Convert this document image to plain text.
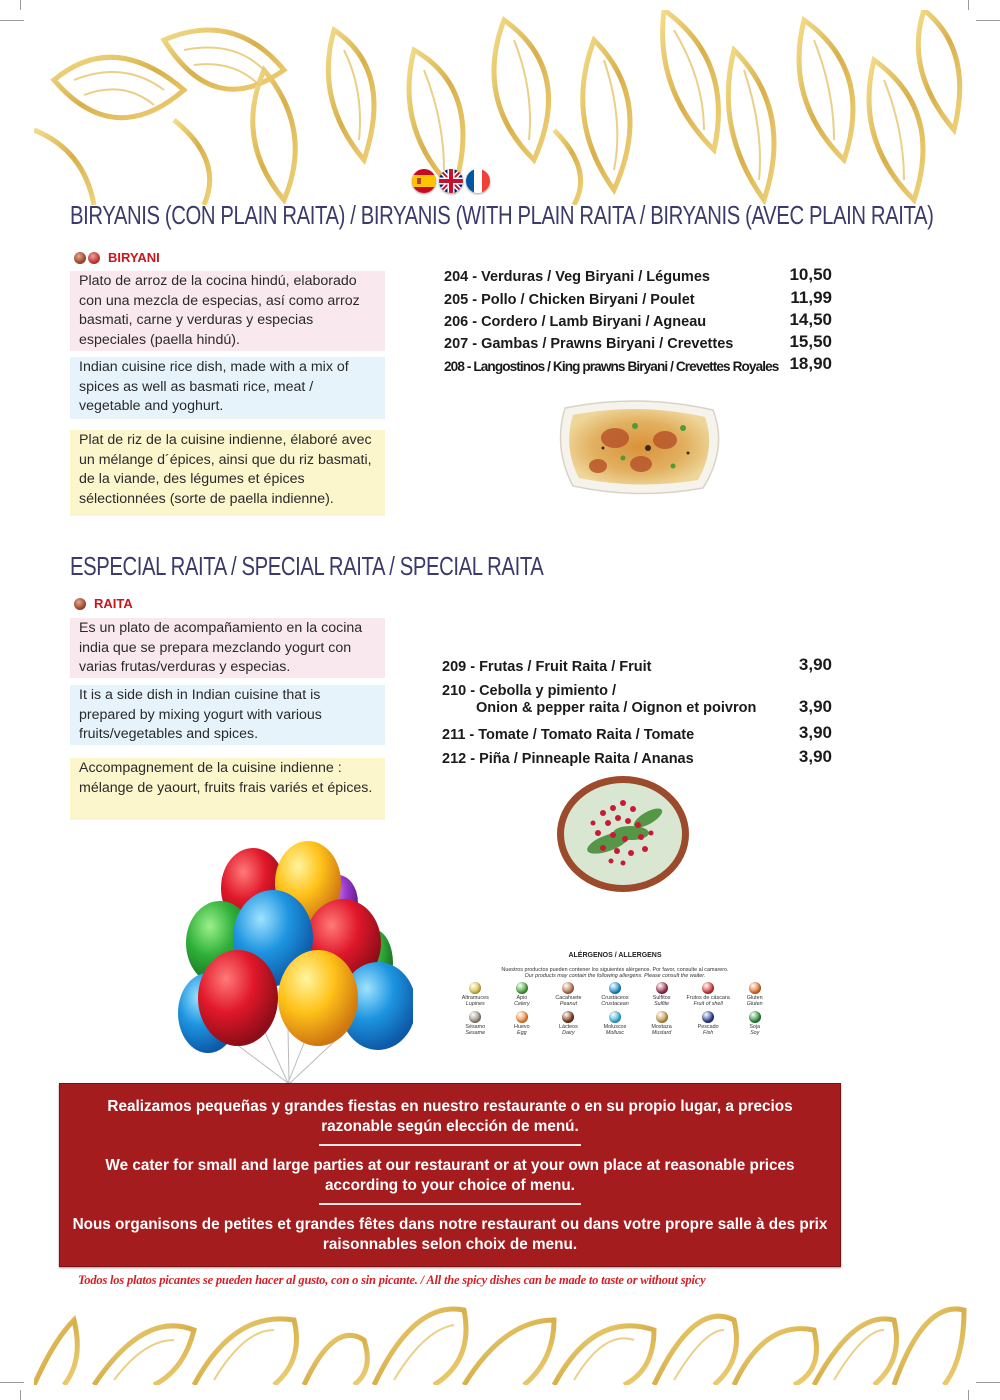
BIRYANIS (CON PLAIN RAITA) / BIRYANIS (WITH PLAIN RAITA / BIRYANIS (AVEC PLAIN RAITA)
BIRYANI

Plato de arroz de la cocina hindú, elaborado con una mezcla de especias, así como arroz basmati, carne y verduras y especias especiales (paella hindú).

Indian cuisine rice dish, made with a mix of spices as well as basmati rice, meat / vegetable and yoghurt.

Plat de riz de la cuisine indienne, élaboré avec un mélange d´épices, ainsi que du riz basmati, de la viande, des légumes et épices sélectionnées (sorte de paella indienne).

204 - Verduras / Veg Biryani / Légumes	10,50
205 - Pollo / Chicken Biryani / Poulet	11,99
206 - Cordero / Lamb Biryani / Agneau	14,50
207 - Gambas / Prawns Biryani / Crevettes	15,50
208 - Langostinos / King prawns Biryani / Crevettes Royales 18,90
ESPECIAL RAITA / SPECIAL RAITA / SPECIAL RAITA
RAITA

Es un plato de acompañamiento en la cocina india que se prepara mezclando yogurt con varias frutas/verduras y especias.

It is a side dish in Indian cuisine that is prepared by mixing yogurt with various fruits/vegetables and spices.

Accompagnement de la cuisine indienne : mélange de yaourt, fruits frais variés et épices.

209 - Frutas / Fruit Raita / Fruit	3,90
210 - Cebolla y pimiento /
Onion & pepper raita / Oignon et poivron	3,90
211 - Tomate / Tomato Raita / Tomate	3,90
212 - Piña / Pinneaple Raita / Ananas	3,90
ALÉRGENOS / ALLERGENS
Nuestros productos pueden contener los siguientes alérgenos. Por favor, consulte al camarero.
Our products may contain the following allergens. Please consult the waiter.
Altramuces
Lupines
Apio
Celery
Cacahuete
Peanut
Crustáceos
Crustacean
Sulfitos
Sulfite
Frutos de cáscara
Fruit of shell
Gluten
Gluten
Sésamo
Sesame
Huevo
Egg
Lácteos
Dairy
Moluscos
Mollusc
Mostaza
Mustard
Pescado
Fish
Soja
Soy
Realizamos pequeñas y grandes fiestas en nuestro restaurante o en su propio lugar, a precios razonable según elección de menú.
We cater for small and large parties at our restaurant or at your own place at reasonable prices according to your choice of menu.
Nous organisons de petites et grandes fêtes dans notre restaurant ou dans votre propre salle à des prix raisonnables selon choix de menu.
Todos los platos picantes se pueden hacer al gusto, con o sin picante. / All the spicy dishes can be made to taste or without spicy
